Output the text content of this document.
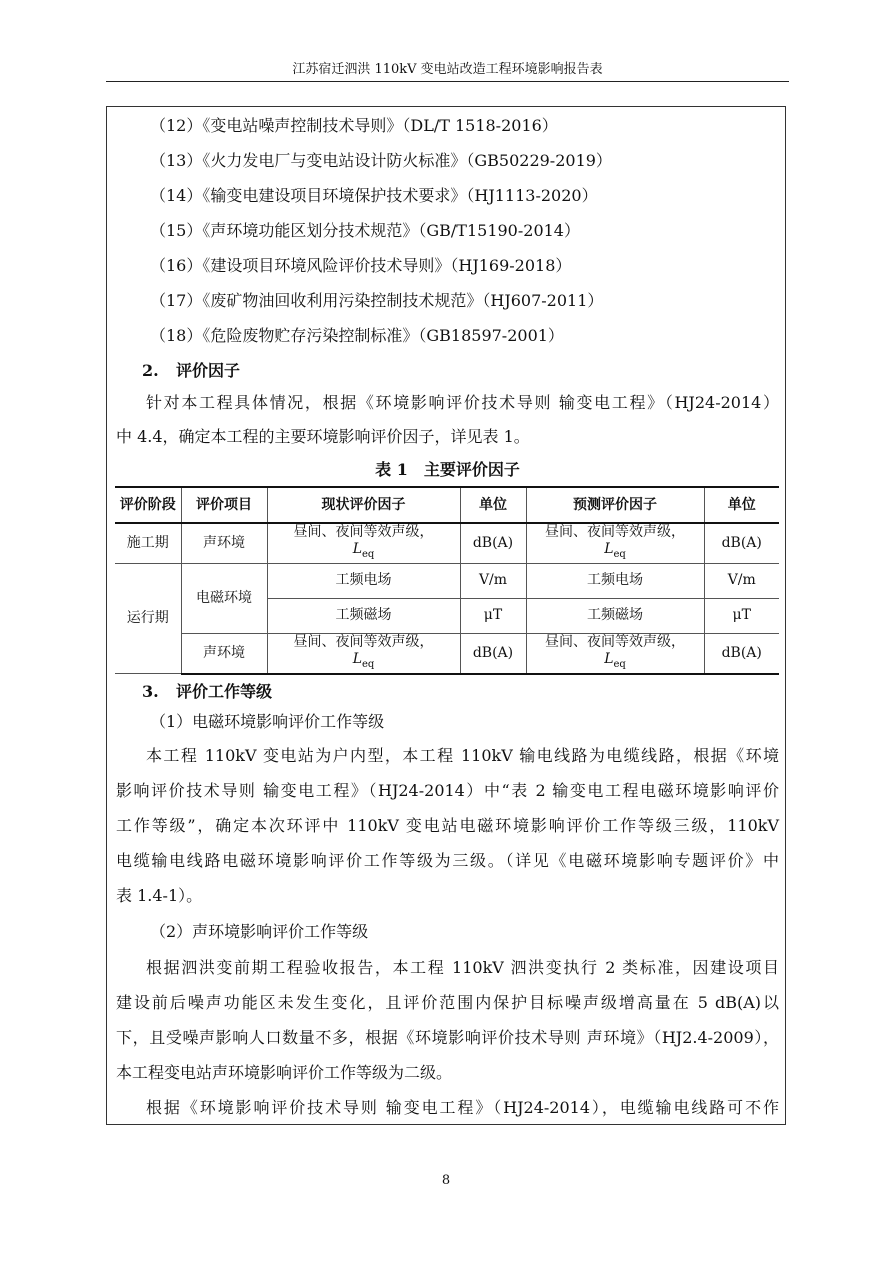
江苏宿迁泗洪 110kV 变电站改造工程环境影响报告表
（12）《变电站噪声控制技术导则》（DL/T 1518-2016）
（13）《火力发电厂与变电站设计防火标准》（GB50229-2019）
（14）《输变电建设项目环境保护技术要求》（HJ1113-2020）
（15）《声环境功能区划分技术规范》（GB/T15190-2014）
（16）《建设项目环境风险评价技术导则》（HJ169-2018）
（17）《废矿物油回收利用污染控制技术规范》（HJ607-2011）
（18）《危险废物贮存污染控制标准》（GB18597-2001）
2. 评价因子
针对本工程具体情况，根据《环境影响评价技术导则 输变电工程》（HJ24-2014）
中 4.4，确定本工程的主要环境影响评价因子，详见表 1。
表 1　主要评价因子
评价阶段	评价项目	现状评价因子	单位	预测评价因子	单位
施工期	声环境	昼间、夜间等效声级，
$L_{eq}$	dB(A)	昼间、夜间等效声级，
$L_{eq}$	dB(A)
运行期	电磁环境	工频电场	V/m	工频电场	V/m
		工频磁场	μT	工频磁场	μT
	声环境	昼间、夜间等效声级，
$L_{eq}$	dB(A)	昼间、夜间等效声级，
$L_{eq}$	dB(A)
3. 评价工作等级
（1）电磁环境影响评价工作等级
本工程 110kV 变电站为户内型，本工程 110kV 输电线路为电缆线路，根据《环境
影响评价技术导则 输变电工程》（HJ24-2014）中“表 2 输变电工程电磁环境影响评价
工作等级”，确定本次环评中 110kV 变电站电磁环境影响评价工作等级三级，110kV
电缆输电线路电磁环境影响评价工作等级为三级。（详见《电磁环境影响专题评价》中
表 1.4-1）。
（2）声环境影响评价工作等级
根据泗洪变前期工程验收报告，本工程 110kV 泗洪变执行 2 类标准，因建设项目
建设前后噪声功能区未发生变化，且评价范围内保护目标噪声级增高量在 5 dB(A)以
下，且受噪声影响人口数量不多，根据《环境影响评价技术导则 声环境》（HJ2.4-2009），
本工程变电站声环境影响评价工作等级为二级。
根据《环境影响评价技术导则 输变电工程》（HJ24-2014），电缆输电线路可不作
8
